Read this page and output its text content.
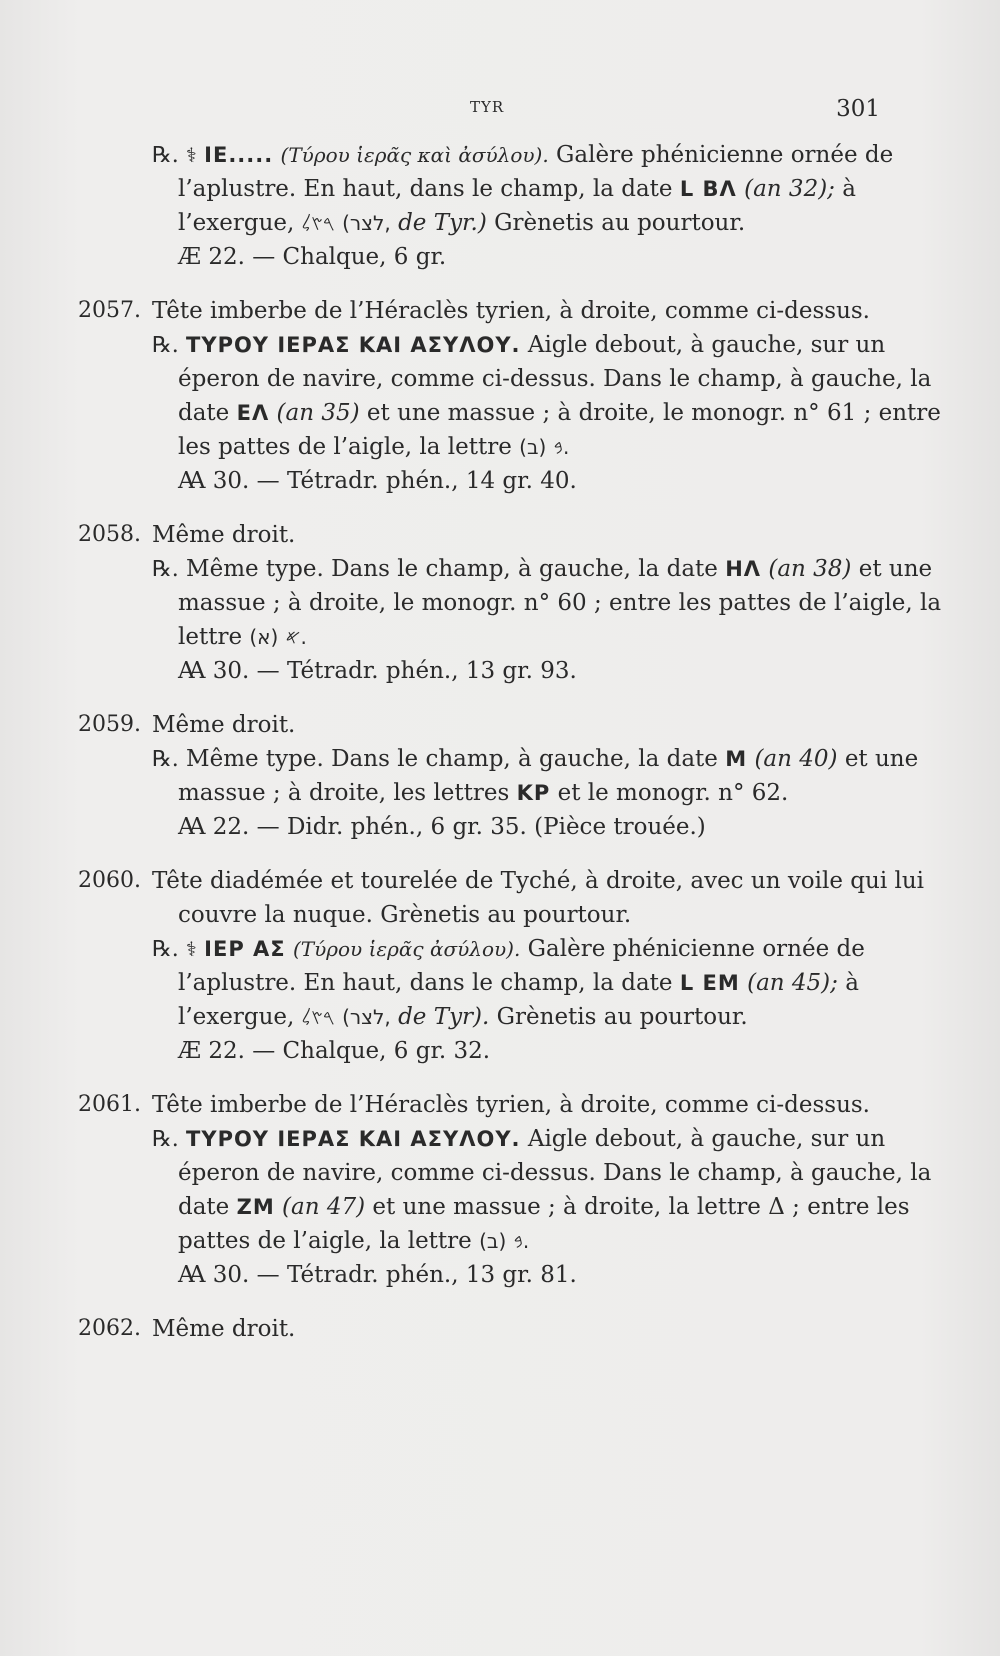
TYR	301
℞. ⚕ IE..... (Τύρου ἱερᾶς καὶ ἀσύλου). Galère phénicienne ornée de
l’aplustre. En haut, dans le champ, la date L BΛ (an 32); à
l’exergue, 𐤓𐤑𐤋 (לצר, de Tyr.) Grènetis au pourtour.
Æ 22. — Chalque, 6 gr.
2057. Tête imberbe de l’Héraclès tyrien, à droite, comme ci-dessus.
℞. ΤΥΡΟΥ ΙΕΡΑΣ ΚΑΙ ΑΣΥΛΟΥ. Aigle debout, à gauche, sur un
éperon de navire, comme ci-dessus. Dans le champ, à gauche, la
date EΛ (an 35) et une massue ; à droite, le monogr. n° 61 ; entre
les pattes de l’aigle, la lettre 𐤁 (ב).
Ꜳ 30. — Tétradr. phén., 14 gr. 40.
2058. Même droit.
℞. Même type. Dans le champ, à gauche, la date HΛ (an 38) et une
massue ; à droite, le monogr. n° 60 ; entre les pattes de l’aigle, la
lettre 𐤀 (א).
Ꜳ 30. — Tétradr. phén., 13 gr. 93.
2059. Même droit.
℞. Même type. Dans le champ, à gauche, la date M (an 40) et une
massue ; à droite, les lettres KP et le monogr. n° 62.
Ꜳ 22. — Didr. phén., 6 gr. 35. (Pièce trouée.)
2060. Tête diadémée et tourelée de Tyché, à droite, avec un voile qui lui
couvre la nuque. Grènetis au pourtour.
℞. ⚕ IEP AΣ (Τύρου ἱερᾶς ἀσύλου). Galère phénicienne ornée de
l’aplustre. En haut, dans le champ, la date L EM (an 45); à
l’exergue, 𐤓𐤑𐤋 (לצר, de Tyr). Grènetis au pourtour.
Æ 22. — Chalque, 6 gr. 32.
2061. Tête imberbe de l’Héraclès tyrien, à droite, comme ci-dessus.
℞. ΤΥΡΟΥ ΙΕΡΑΣ ΚΑΙ ΑΣΥΛΟΥ. Aigle debout, à gauche, sur un
éperon de navire, comme ci-dessus. Dans le champ, à gauche, la
date ZM (an 47) et une massue ; à droite, la lettre Δ ; entre les
pattes de l’aigle, la lettre 𐤁 (ב).
Ꜳ 30. — Tétradr. phén., 13 gr. 81.
2062. Même droit.
